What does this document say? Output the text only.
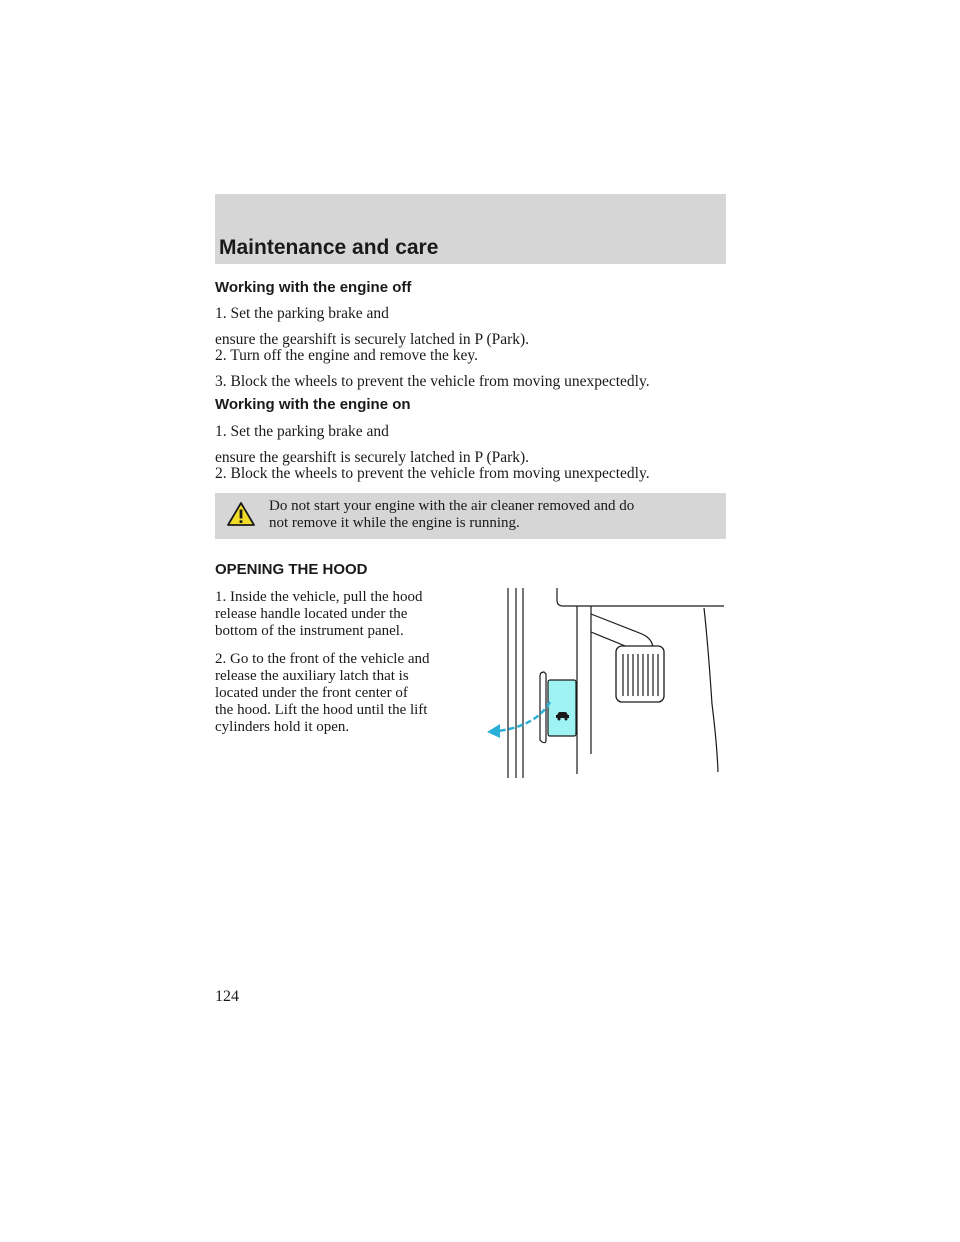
Maintenance and care
Working with the engine off

1. Set the parking brake and

ensure the gearshift is securely latched in P (Park).

2. Turn off the engine and remove the key.

3. Block the wheels to prevent the vehicle from moving unexpectedly.

Working with the engine on

1. Set the parking brake and

ensure the gearshift is securely latched in P (Park).

2. Block the wheels to prevent the vehicle from moving unexpectedly.

Do not start your engine with the air cleaner removed and do
not remove it while the engine is running.

OPENING THE HOOD

1. Inside the vehicle, pull the hood
release handle located under the
bottom of the instrument panel.

2. Go to the front of the vehicle and
release the auxiliary latch that is
located under the front center of
the hood. Lift the hood until the lift
cylinders hold it open.

124
